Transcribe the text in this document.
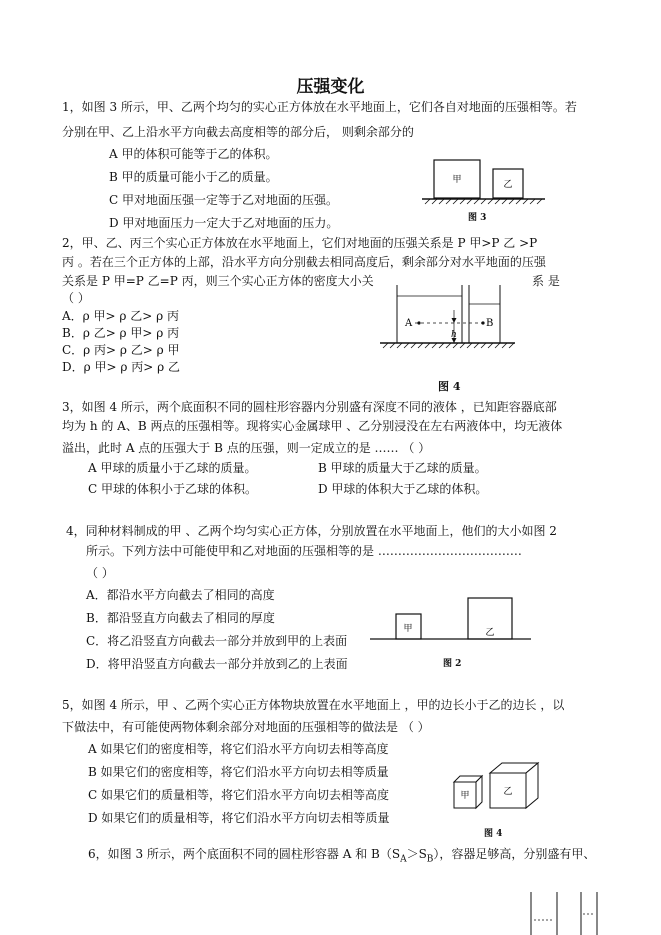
压强变化
1，如图 3 所示，甲、乙两个均匀的实心正方体放在水平地面上，它们各自对地面的压强相等。若
分别在甲、乙上沿水平方向截去高度相等的部分后， 则剩余部分的
A 甲的体积可能等于乙的体积。
B 甲的质量可能小于乙的质量。
C 甲对地面压强一定等于乙对地面的压强。
D 甲对地面压力一定大于乙对地面的压力。
甲	乙
图 3
2，甲、乙、丙三个实心正方体放在水平地面上，它们对地面的压强关系是 P 甲>P 乙 >P
丙 。若在三个正方体的上部，沿水平方向分别截去相同高度后，剩余部分对水平地面的压强
关系是 P 甲=P 乙=P 丙，则三个实心正方体的密度大小关	系 是
（ ）
A．ρ 甲> ρ 乙> ρ 丙
B．ρ 乙> ρ 甲> ρ 丙
C．ρ 丙> ρ 乙> ρ 甲
D．ρ 甲> ρ 丙> ρ 乙
A	B
h
图 4
3，如图 4 所示，两个底面积不同的圆柱形容器内分别盛有深度不同的液体 ，已知距容器底部
均为 h 的 A、B 两点的压强相等。现将实心金属球甲 、乙分别浸没在左右两液体中，均无液体
溢出，此时 A 点的压强大于 B 点的压强，则一定成立的是 …… （ ）
A 甲球的质量小于乙球的质量。	B 甲球的质量大于乙球的质量。
C 甲球的体积小于乙球的体积。	D 甲球的体积大于乙球的体积。
4，同种材料制成的甲 、乙两个均匀实心正方体，分别放置在水平地面上，他们的大小如图 2
所示。下列方法中可能使甲和乙对地面的压强相等的是 ………………………………
（ ）
A．都沿水平方向截去了相同的高度
B．都沿竖直方向截去了相同的厚度
C．将乙沿竖直方向截去一部分并放到甲的上表面
D．将甲沿竖直方向截去一部分并放到乙的上表面
甲	乙
图 2
5，如图 4 所示，甲 、乙两个实心正方体物块放置在水平地面上 ，甲的边长小于乙的边长 ，以
下做法中，有可能使两物体剩余部分对地面的压强相等的做法是 （ ）
A 如果它们的密度相等，将它们沿水平方向切去相等高度
B 如果它们的密度相等，将它们沿水平方向切去相等质量
C 如果它们的质量相等，将它们沿水平方向切去相等高度
D 如果它们的质量相等，将它们沿水平方向切去相等质量
甲	乙
图 4
6，如图 3 所示，两个底面积不同的圆柱形容器 A 和 $B(S_A>S_B)$，容器足够高，分别盛有甲、
